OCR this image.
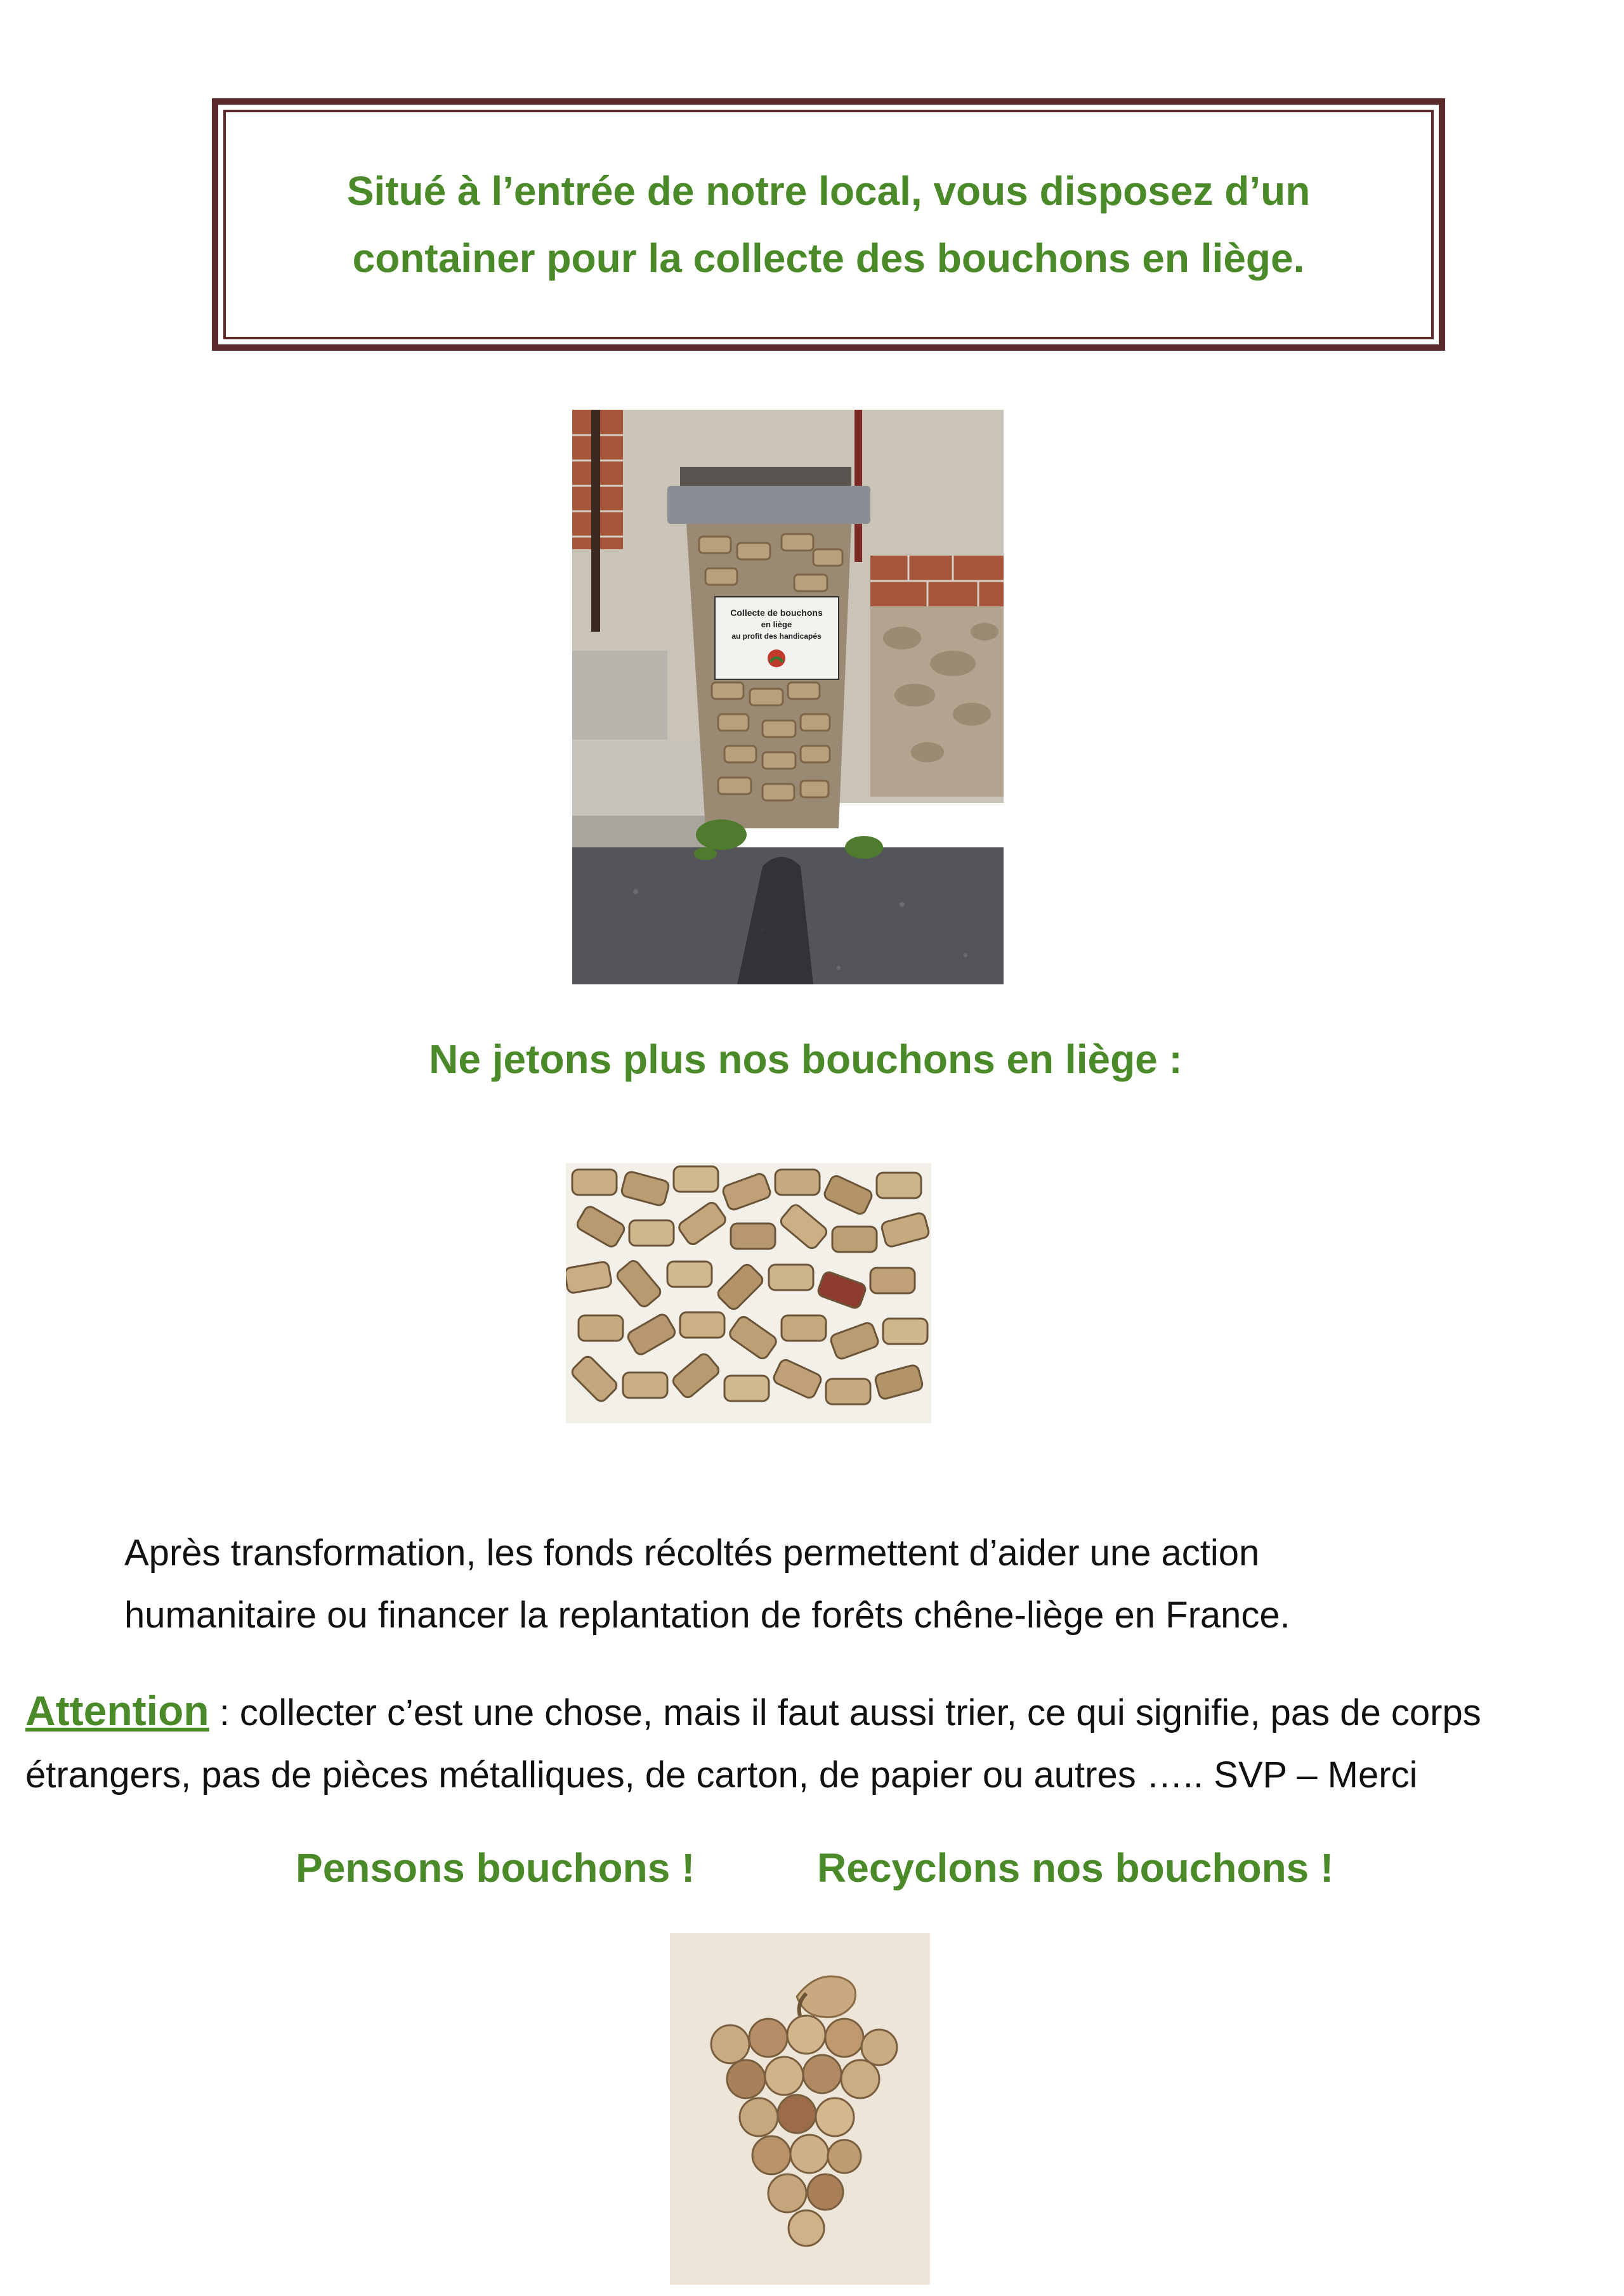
Situé à l’entrée de notre local, vous disposez d’un
container pour la collecte des bouchons en liège.
Collecte de bouchons
en liège
au profit des handicapés
Ne jetons plus nos bouchons en liège :
Après transformation, les fonds récoltés permettent d’aider une action
humanitaire ou financer la replantation de forêts chêne-liège en France.
Attention : collecter c’est une chose, mais il faut aussi trier, ce qui signifie, pas de corps
étrangers, pas de pièces métalliques, de carton, de papier ou autres ….. SVP – Merci
Pensons bouchons !	Recyclons nos bouchons !
